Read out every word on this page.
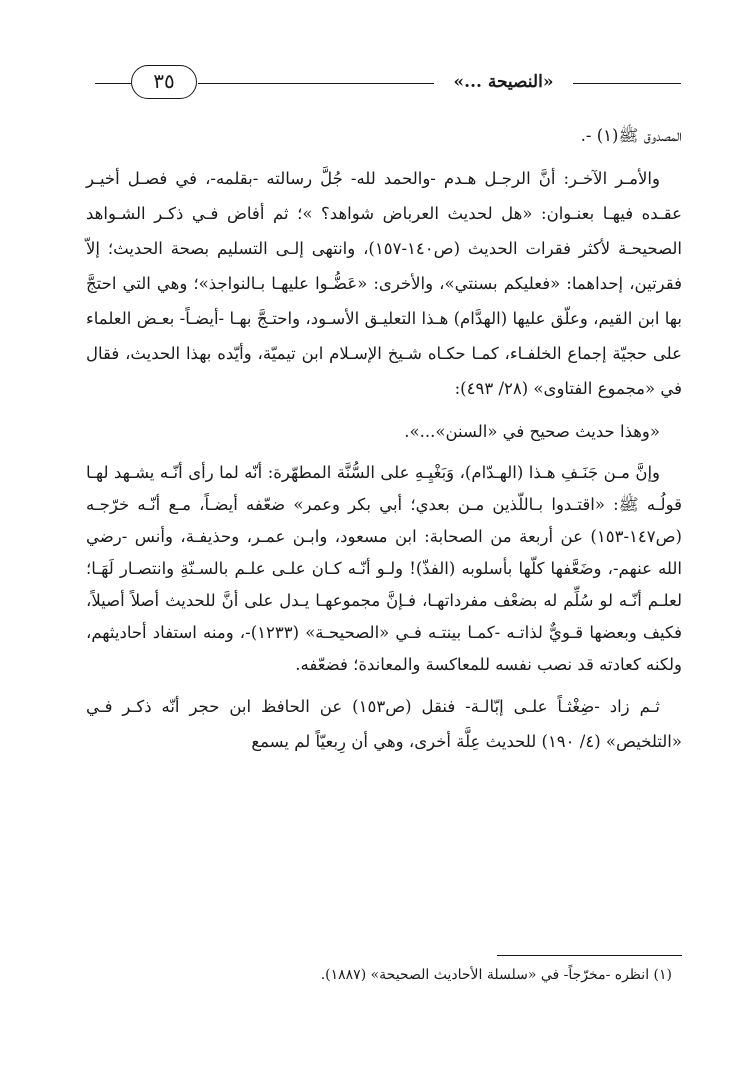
٣٥	«النصيحة ...»

المصدوق ﷺ(١) -.

والأمـر الآخـر: أنَّ الرجـل هـدم -والحمد لله- جُلَّ رسالته -بقلمه-، في فصـل أخيـر عقـده فيهـا بعنـوان: «هل لحديث العرباض شواهد؟ »؛ ثم أفاض فـي ذكـر الشـواهد الصحيحـة لأكثر فقرات الحديث (ص١٤٠-١٥٧)، وانتهى إلـى التسليم بصحة الحديث؛ إلاّ فقرتين، إحداهما: «فعليكم بسنتي»، والأخرى: «عَضُّـوا عليهـا بـالنواجذ»؛ وهي التي احتجَّ بها ابن القيم، وعلّق عليها (الهدَّام) هـذا التعليـق الأسـود، واحتـجَّ بهـا -أيضـاً- بعـض العلماء على حجيّة إجماع الخلفـاء، كمـا حكـاه شـيخ الإسـلام ابن تيميّة، وأيّده بهذا الحديث، فقال في «مجموع الفتاوى» (٢٨/ ٤٩٣):

«وهذا حديث صحيح في «السنن»...».

وإنَّ مـن جَنَـفِ هـذا (الهـدّام)، وَبَغْيِـهِ على السُّنَّة المطهّرة: أنّه لما رأى أنّـه يشـهد لهـا قولُـه ﷺ: «اقتـدوا بـاللّذين مـن بعدي؛ أبي بكر وعمر» ضعّفه أيضـاً، مـع أنّـه خرّجـه (ص١٤٧-١٥٣) عن أربعة من الصحابة: ابن مسعود، وابـن عمـر، وحذيفـة، وأنس -رضي الله عنهم-، وضَعَّفها كلّها بأسلوبه (الفذّ)! ولـو أنّـه كـان علـى علـم بالسـنّةِ وانتصـار لَهَـا؛ لعلـم أنّـه لو سُلِّم له بضعْف مفرداتهـا، فـإنَّ مجموعهـا يـدل على أنَّ للحديث أصلاً أصيلاً، فكيف وبعضها قـويٌّ لذاتـه -كمـا بينتـه فـي «الصحيحـة» (١٢٣٣)-، ومنه استفاد أحاديثهم، ولكنه كعادته قد نصب نفسه للمعاكسة والمعاندة؛ فضعّفه.

ثـم زاد -ضِغْثـاً علـى إبّالـة- فنقل (ص١٥٣) عن الحافظ ابن حجر أنّه ذكـر فـي «التلخيص» (٤/ ١٩٠) للحديث عِلَّة أخرى، وهي أن رِبعيّاً لم يسمع

(١) انظره -مخرّجاً- في «سلسلة الأحاديث الصحيحة» (١٨٨٧).
